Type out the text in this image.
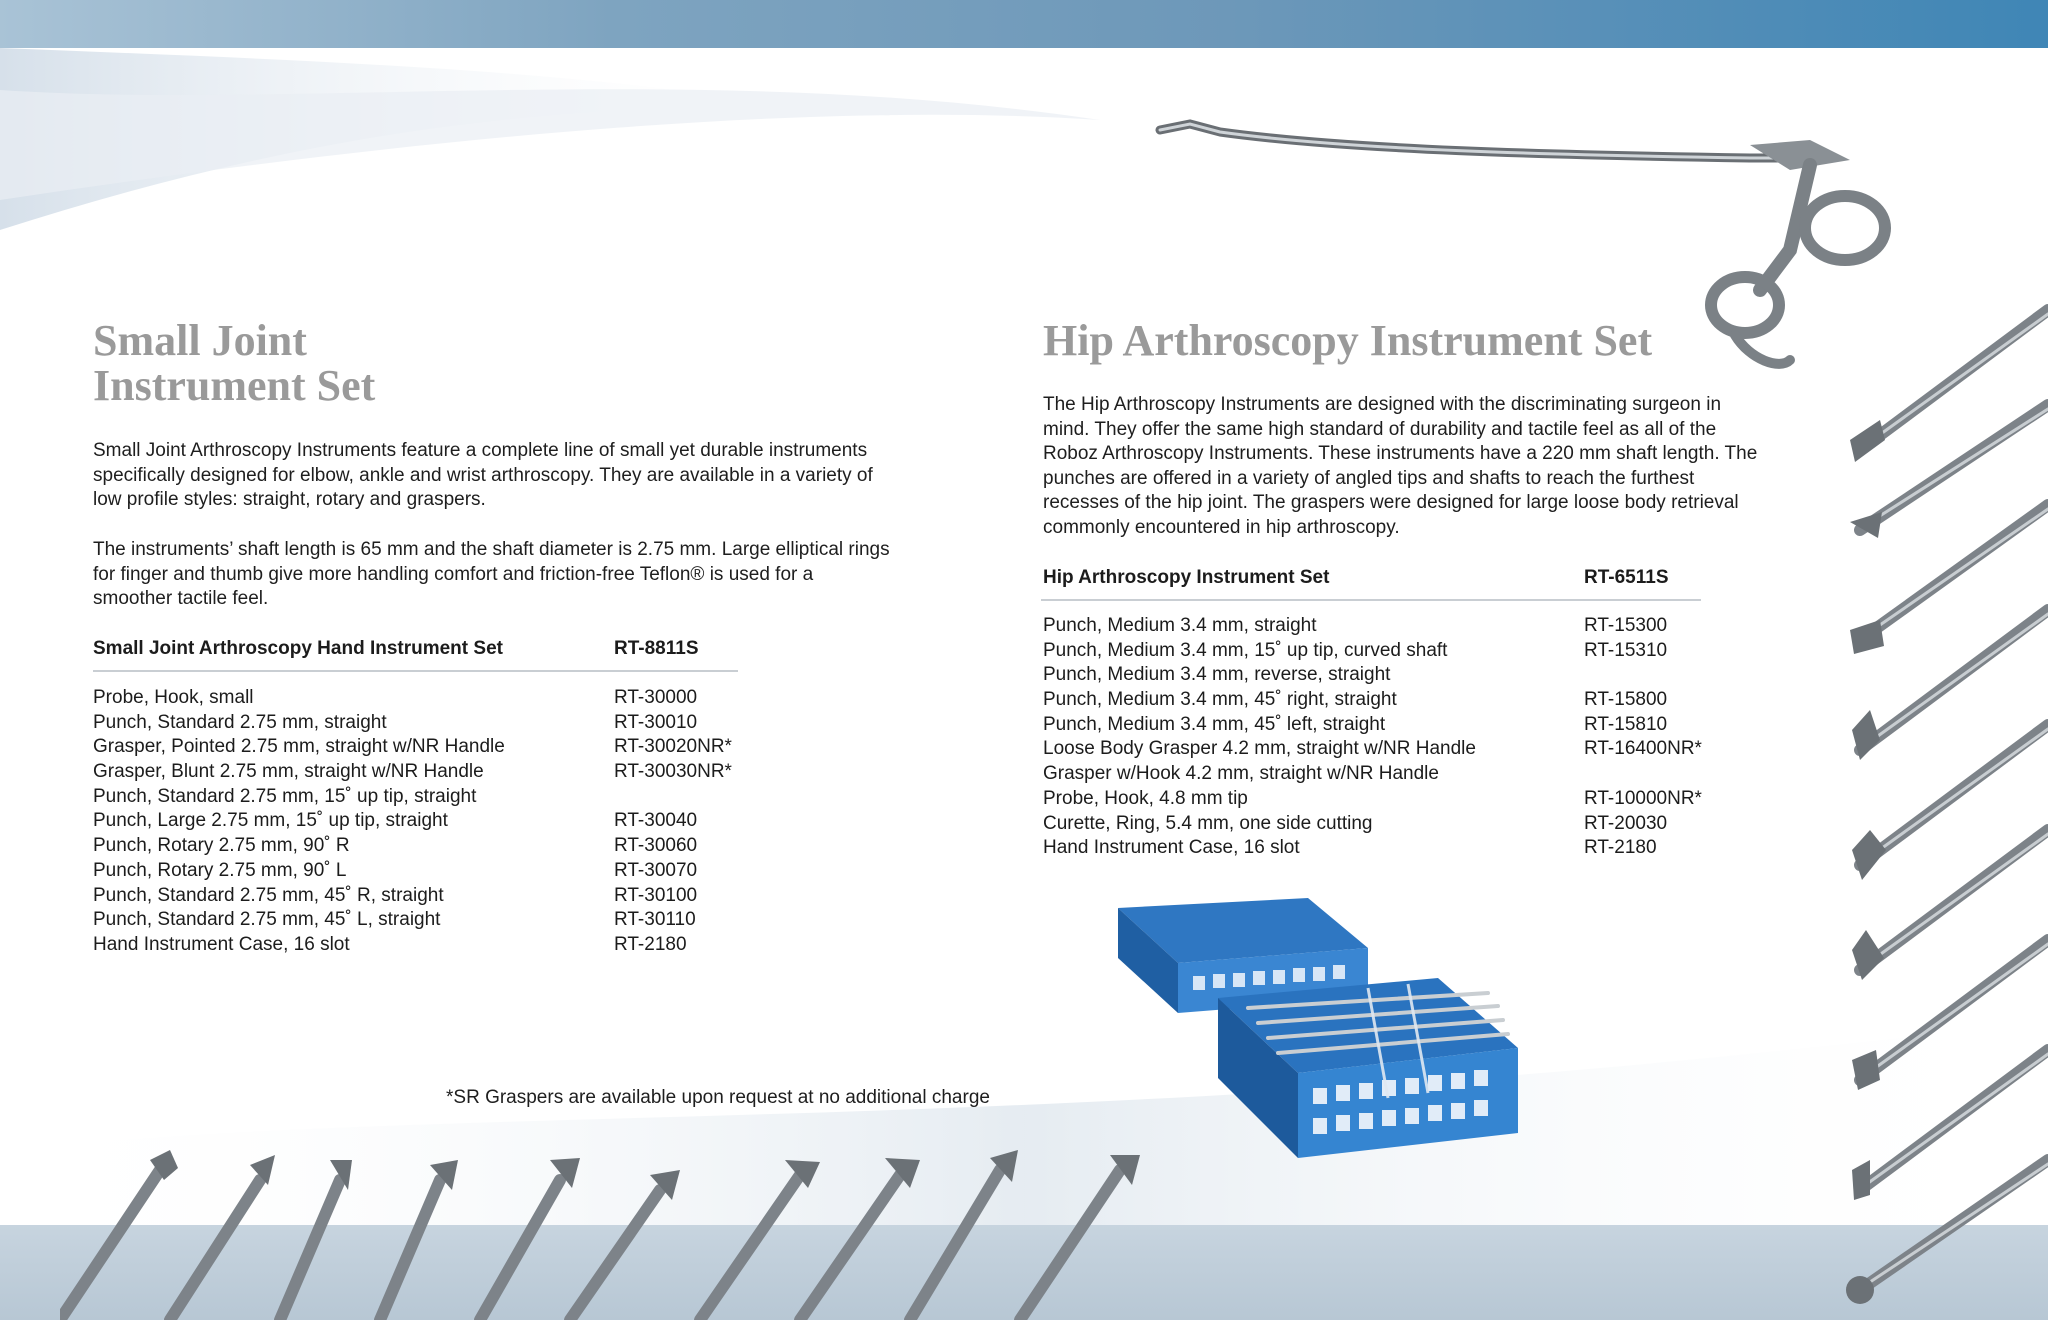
Small Joint
Instrument Set

Small Joint Arthroscopy Instruments feature a complete line of small yet durable instruments specifically designed for elbow, ankle and wrist arthroscopy. They are available in a variety of low profile styles: straight, rotary and graspers.

The instruments’ shaft length is 65 mm and the shaft diameter is 2.75 mm. Large elliptical rings for finger and thumb give more handling comfort and friction-free Teflon® is used for a smoother tactile feel.

Small Joint Arthroscopy Hand Instrument Set	RT-8811S
Probe, Hook, small	RT-30000
Punch, Standard 2.75 mm, straight	RT-30010
Grasper, Pointed 2.75 mm, straight w/NR Handle	RT-30020NR*
Grasper, Blunt 2.75 mm, straight w/NR Handle	RT-30030NR*
Punch, Standard 2.75 mm, 15˚ up tip, straight
Punch, Large 2.75 mm, 15˚ up tip, straight	RT-30040
Punch, Rotary 2.75 mm, 90˚ R	RT-30060
Punch, Rotary 2.75 mm, 90˚ L	RT-30070
Punch, Standard 2.75 mm, 45˚ R, straight	RT-30100
Punch, Standard 2.75 mm, 45˚ L, straight	RT-30110
Hand Instrument Case, 16 slot	RT-2180
*SR Graspers are available upon request at no additional charge
Hip Arthroscopy Instrument Set

The Hip Arthroscopy Instruments are designed with the discriminating surgeon in mind. They offer the same high standard of durability and tactile feel as all of the Roboz Arthroscopy Instruments. These instruments have a 220 mm shaft length. The punches are offered in a variety of angled tips and shafts to reach the furthest recesses of the hip joint. The graspers were designed for large loose body retrieval commonly encountered in hip arthroscopy.

Hip Arthroscopy Instrument Set	RT-6511S
Punch, Medium 3.4 mm, straight	RT-15300
Punch, Medium 3.4 mm, 15˚ up tip, curved shaft	RT-15310
Punch, Medium 3.4 mm, reverse, straight
Punch, Medium 3.4 mm, 45˚ right, straight	RT-15800
Punch, Medium 3.4 mm, 45˚ left, straight	RT-15810
Loose Body Grasper 4.2 mm, straight w/NR Handle	RT-16400NR*
Grasper w/Hook 4.2 mm, straight w/NR Handle
Probe, Hook, 4.8 mm tip	RT-10000NR*
Curette, Ring, 5.4 mm, one side cutting	RT-20030
Hand Instrument Case, 16 slot	RT-2180
